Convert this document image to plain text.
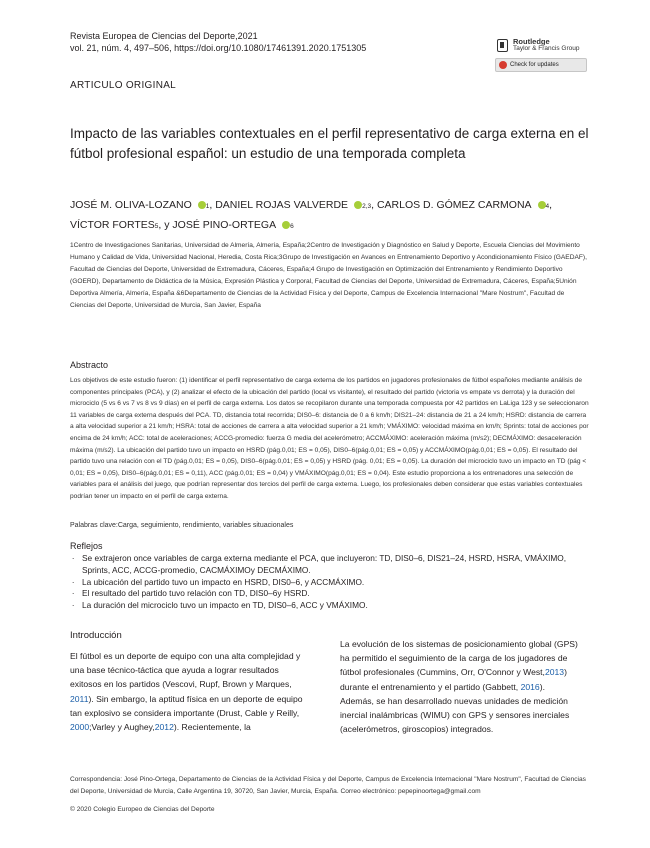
Revista Europea de Ciencias del Deporte,2021
vol. 21, núm. 4, 497–506, https://doi.org/10.1080/17461391.2020.1751305
Routledge
Taylor & Francis Group
Check for updates
ARTICULO ORIGINAL
Impacto de las variables contextuales en el perfil representativo de carga externa en el fútbol profesional español: un estudio de una temporada completa
JOSÉ M. OLIVA-LOZANO 1, DANIEL ROJAS VALVERDE 2,3, CARLOS D. GÓMEZ CARMONA 4, VÍCTOR FORTES5, y JOSÉ PINO-ORTEGA 6
1Centro de Investigaciones Sanitarias, Universidad de Almería, Almería, España;2Centro de Investigación y Diagnóstico en Salud y Deporte, Escuela Ciencias del Movimiento Humano y Calidad de Vida, Universidad Nacional, Heredia, Costa Rica;3Grupo de Investigación en Avances en Entrenamiento Deportivo y Acondicionamiento Físico (GAEDAF), Facultad de Ciencias del Deporte, Universidad de Extremadura, Cáceres, España;4 Grupo de Investigación en Optimización del Entrenamiento y Rendimiento Deportivo (GOERD), Departamento de Didáctica de la Música, Expresión Plástica y Corporal, Facultad de Ciencias del Deporte, Universidad de Extremadura, Cáceres, España;5Unión Deportiva Almería, Almería, España &6Departamento de Ciencias de la Actividad Física y del Deporte, Campus de Excelencia Internacional "Mare Nostrum", Facultad de Ciencias del Deporte, Universidad de Murcia, San Javier, España
Abstracto
Los objetivos de este estudio fueron: (1) identificar el perfil representativo de carga externa de los partidos en jugadores profesionales de fútbol españoles mediante análisis de componentes principales (PCA), y (2) analizar el efecto de la ubicación del partido (local vs visitante), el resultado del partido (victoria vs empate vs derrota) y la duración del microciclo (5 vs 6 vs 7 vs 8 vs 9 días) en el perfil de carga externa. Los datos se recopilaron durante una temporada compuesta por 42 partidos en LaLiga 123 y se seleccionaron 11 variables de carga externa después del PCA. TD, distancia total recorrida; DIS0–6: distancia de 0 a 6 km/h; DIS21–24: distancia de 21 a 24 km/h; HSRD: distancia de carrera a alta velocidad superior a 21 km/h; HSRA: total de acciones de carrera a alta velocidad superior a 21 km/h; VMÁXIMO: velocidad máxima en km/h; Sprints: total de acciones por encima de 24 km/h; ACC: total de aceleraciones; ACCG-promedio: fuerza G media del acelerómetro; ACCMÁXIMO: aceleración máxima (m/s2); DECMÁXIMO: desaceleración máxima (m/s2). La ubicación del partido tuvo un impacto en HSRD (pág.0,01; ES = 0,05), DIS0–6(pág.0,01; ES = 0,05) y ACCMÁXIMO(pág.0,01; ES = 0,05). El resultado del partido tuvo una relación con el TD (pág.0,01; ES = 0,05), DIS0–6(pág.0,01; ES = 0,05) y HSRD (pág. 0,01; ES = 0,05). La duración del microciclo tuvo un impacto en TD (pág < 0,01; ES = 0,05), DIS0–6(pág.0,01; ES = 0,11), ACC (pág.0,01; ES = 0,04) y VMÁXIMO(pág.0,01; ES = 0,04). Este estudio proporciona a los entrenadores una selección de variables para el análisis del juego, que podrían representar dos tercios del perfil de carga externa. Luego, los profesionales deben considerar que estas variables contextuales podrían tener un impacto en el perfil de carga externa.
Palabras clave:Carga, seguimiento, rendimiento, variables situacionales
Reflejos
. Se extrajeron once variables de carga externa mediante el PCA, que incluyeron: TD, DIS0–6, DIS21–24, HSRD, HSRA, VMÁXIMO, Sprints, ACC, ACCG-promedio, CACMÁXIMOy DECMÁXIMO.
. La ubicación del partido tuvo un impacto en HSRD, DIS0–6, y ACCMÁXIMO.
. El resultado del partido tuvo relación con TD, DIS0–6y HSRD.
. La duración del microciclo tuvo un impacto en TD, DIS0–6, ACC y VMÁXIMO.
Introducción
El fútbol es un deporte de equipo con una alta complejidad y una base técnico-táctica que ayuda a lograr resultados exitosos en los partidos (Vescovi, Rupf, Brown y Marques, 2011). Sin embargo, la aptitud física en un deporte de equipo tan explosivo se considera importante (Drust, Cable y Reilly, 2000;Varley y Aughey,2012). Recientemente, la
La evolución de los sistemas de posicionamiento global (GPS) ha permitido el seguimiento de la carga de los jugadores de fútbol profesionales (Cummins, Orr, O'Connor y West,2013) durante el entrenamiento y el partido (Gabbett, 2016). Además, se han desarrollado nuevas unidades de medición inercial inalámbricas (WIMU) con GPS y sensores inerciales (acelerómetros, giroscopios) integrados.
Correspondencia: José Pino-Ortega, Departamento de Ciencias de la Actividad Física y del Deporte, Campus de Excelencia Internacional "Mare Nostrum", Facultad de Ciencias del Deporte, Universidad de Murcia, Calle Argentina 19, 30720, San Javier, Murcia, España. Correo electrónico: pepepinoortega@gmail.com
© 2020 Colegio Europeo de Ciencias del Deporte
